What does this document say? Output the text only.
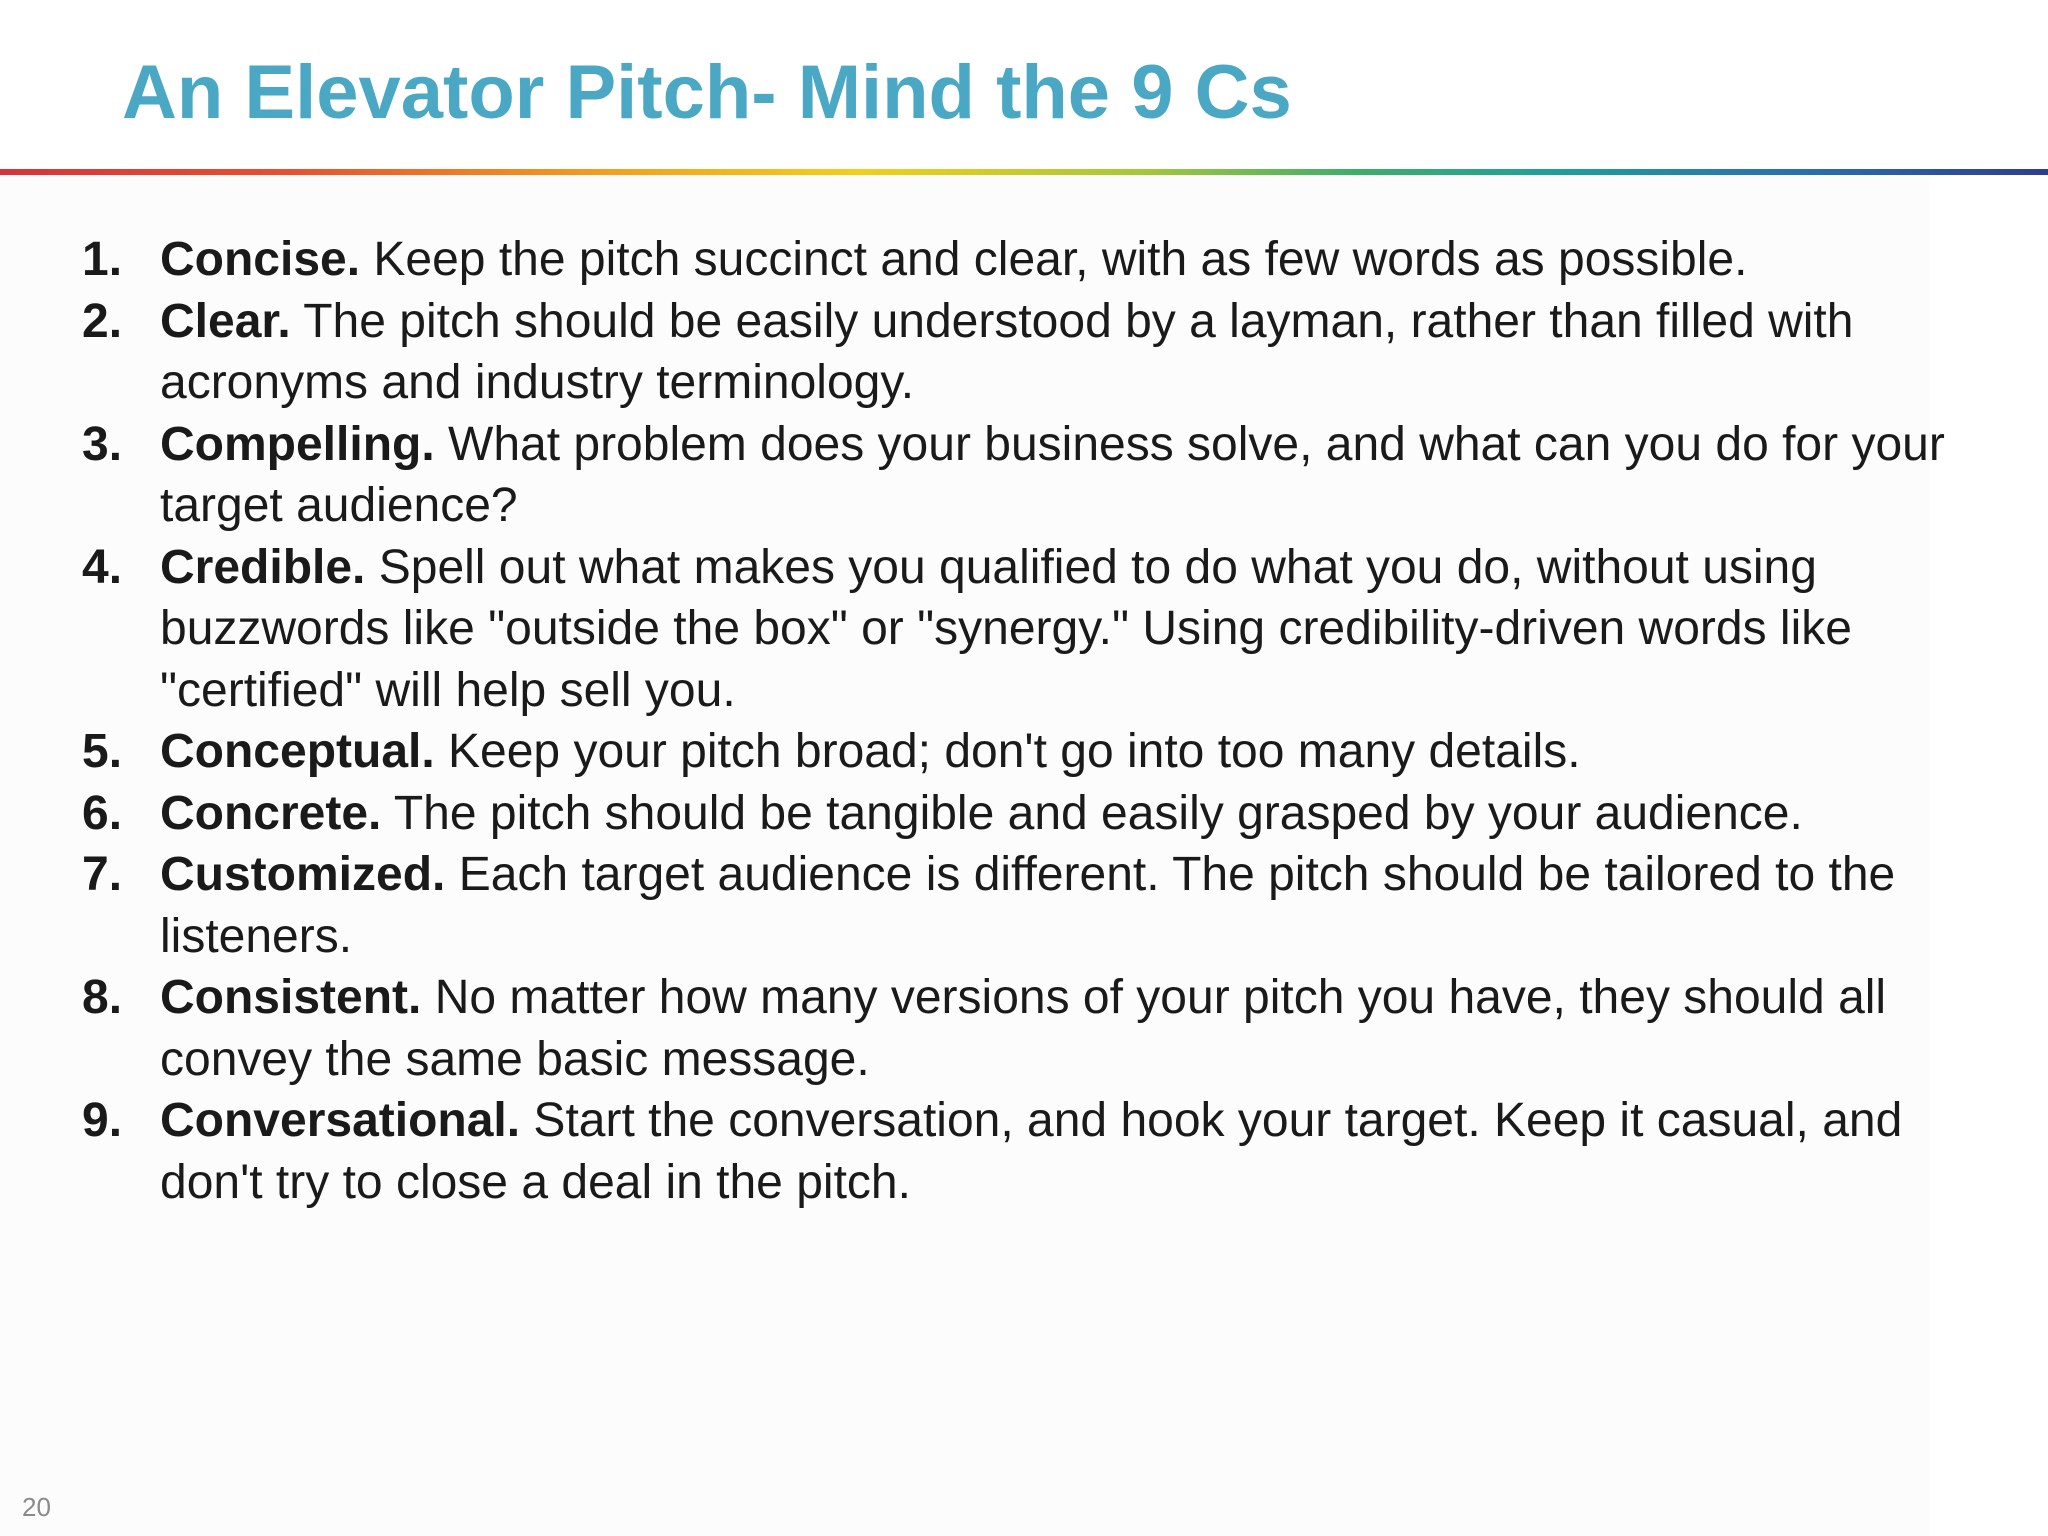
An Elevator Pitch- Mind the 9 Cs
1. Concise. Keep the pitch succinct and clear, with as few words as possible.
2. Clear. The pitch should be easily understood by a layman, rather than filled with acronyms and industry terminology.
3. Compelling. What problem does your business solve, and what can you do for your target audience?
4. Credible. Spell out what makes you qualified to do what you do, without using buzzwords like "outside the box" or "synergy." Using credibility-driven words like "certified" will help sell you.
5. Conceptual. Keep your pitch broad; don't go into too many details.
6. Concrete. The pitch should be tangible and easily grasped by your audience.
7. Customized. Each target audience is different. The pitch should be tailored to the listeners.
8. Consistent. No matter how many versions of your pitch you have, they should all convey the same basic message.
9. Conversational. Start the conversation, and hook your target. Keep it casual, and don't try to close a deal in the pitch.
20
